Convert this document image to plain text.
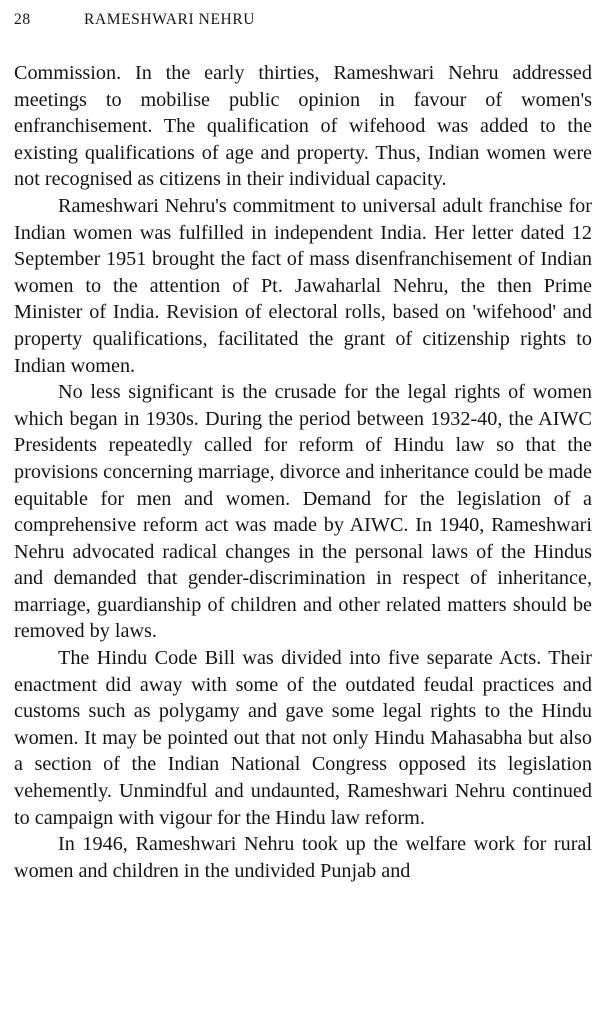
28	RAMESHWARI NEHRU

Commission. In the early thirties, Rameshwari Nehru addressed meetings to mobilise public opinion in favour of women's enfranchisement. The qualification of wifehood was added to the existing qualifications of age and property. Thus, Indian women were not recognised as citizens in their individual capacity.

Rameshwari Nehru's commitment to universal adult franchise for Indian women was fulfilled in independent India. Her letter dated 12 September 1951 brought the fact of mass disenfranchisement of Indian women to the attention of Pt. Jawaharlal Nehru, the then Prime Minister of India. Revision of electoral rolls, based on 'wifehood' and property qualifications, facilitated the grant of citizenship rights to Indian women.

No less significant is the crusade for the legal rights of women which began in 1930s. During the period between 1932-40, the AIWC Presidents repeatedly called for reform of Hindu law so that the provisions concerning marriage, divorce and inheritance could be made equitable for men and women. Demand for the legislation of a comprehensive reform act was made by AIWC. In 1940, Rameshwari Nehru advocated radical changes in the personal laws of the Hindus and demanded that gender-discrimination in respect of inheritance, marriage, guardianship of children and other related matters should be removed by laws.

The Hindu Code Bill was divided into five separate Acts. Their enactment did away with some of the outdated feudal practices and customs such as polygamy and gave some legal rights to the Hindu women. It may be pointed out that not only Hindu Mahasabha but also a section of the Indian National Congress opposed its legislation vehemently. Unmindful and undaunted, Rameshwari Nehru continued to campaign with vigour for the Hindu law reform.

In 1946, Rameshwari Nehru took up the welfare work for rural women and children in the undivided Punjab and
